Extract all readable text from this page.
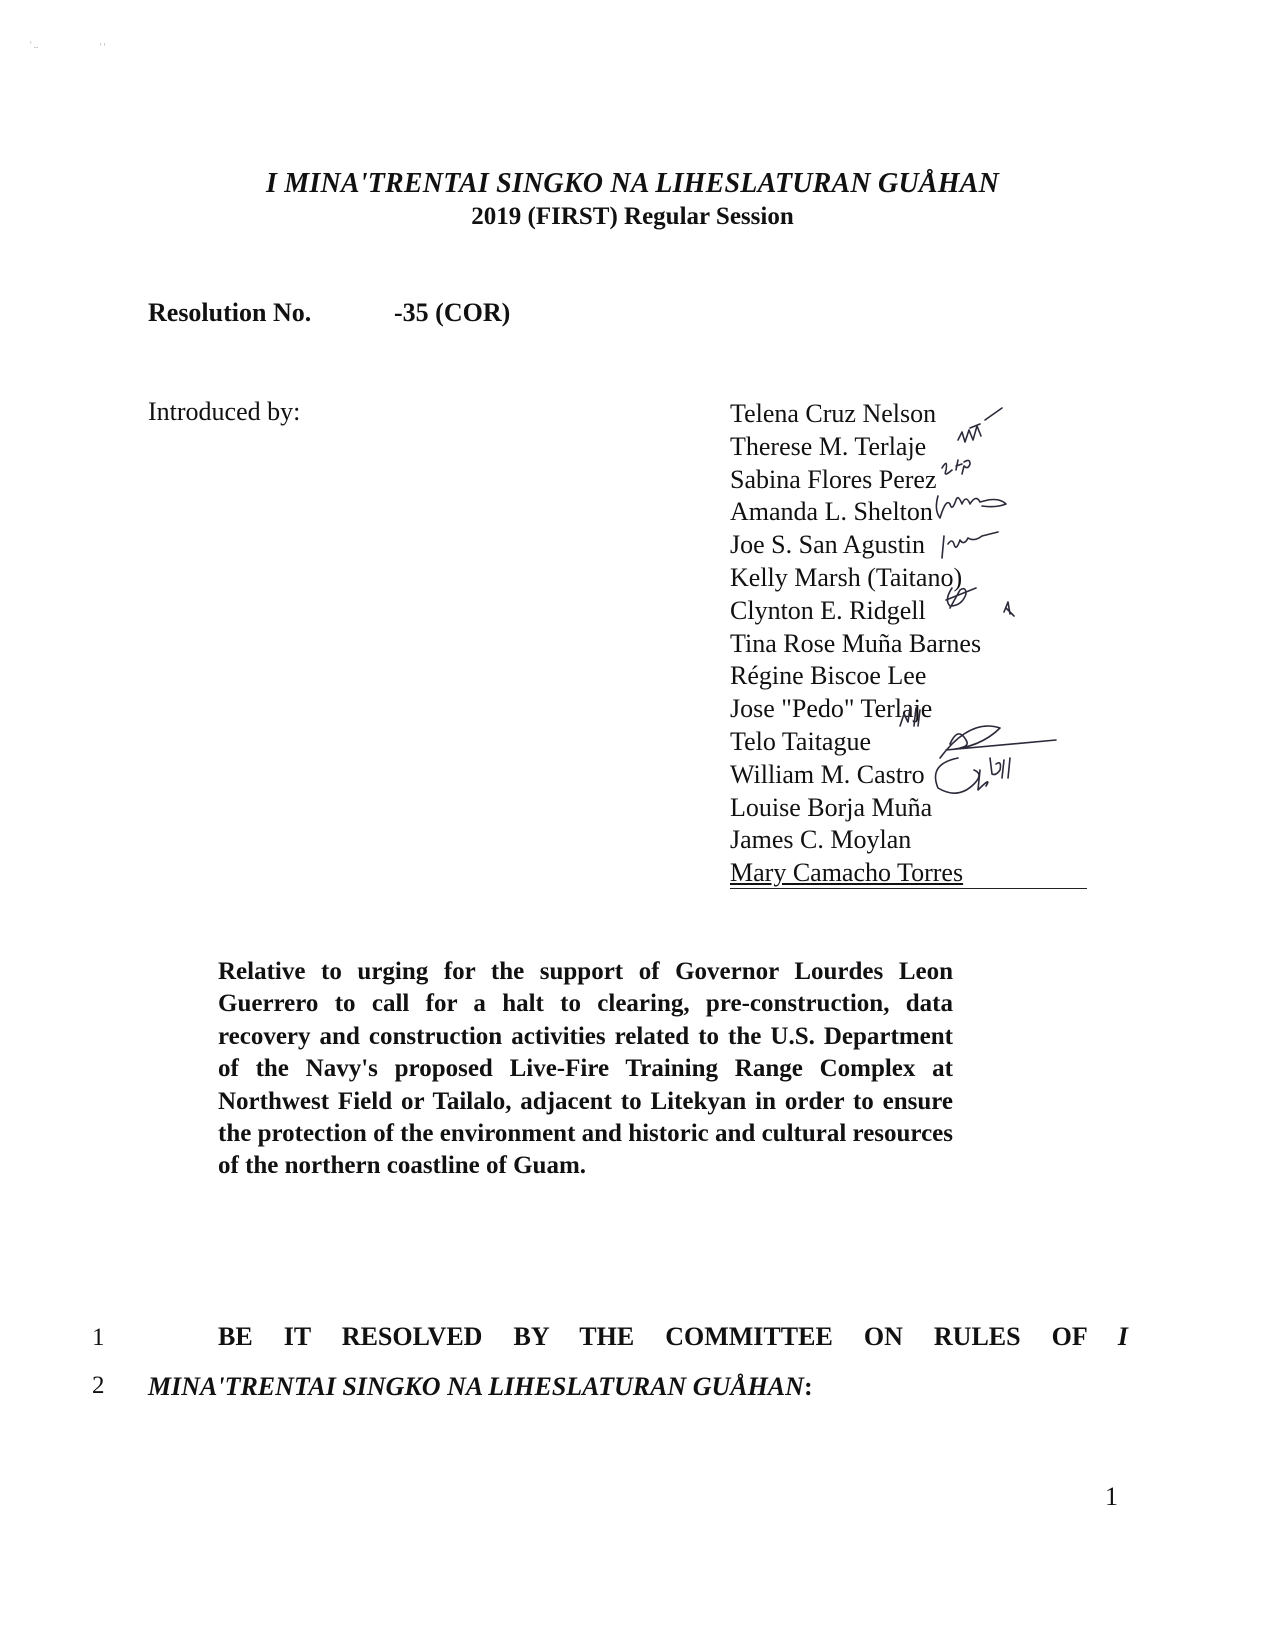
' ..	' '
I MINA'TRENTAI SINGKO NA LIHESLATURAN GUÅHAN
2019 (FIRST) Regular Session
Resolution No.	-35 (COR)
Introduced by:	Telena Cruz Nelson
Therese M. Terlaje
Sabina Flores Perez
Amanda L. Shelton
Joe S. San Agustin
Kelly Marsh (Taitano)
Clynton E. Ridgell
Tina Rose Muña Barnes
Régine Biscoe Lee
Jose "Pedo" Terlaje
Telo Taitague
William M. Castro
Louise Borja Muña
James C. Moylan
Mary Camacho Torres

Relative to urging for the support of Governor Lourdes Leon Guerrero to call for a halt to clearing, pre-construction, data recovery and construction activities related to the U.S. Department of the Navy's proposed Live-Fire Training Range Complex at Northwest Field or Tailalo, adjacent to Litekyan in order to ensure the protection of the environment and historic and cultural resources of the northern coastline of Guam.

1	BE IT RESOLVED BY THE COMMITTEE ON RULES OF I
2 MINA'TRENTAI SINGKO NA LIHESLATURAN GUÅHAN:
1
